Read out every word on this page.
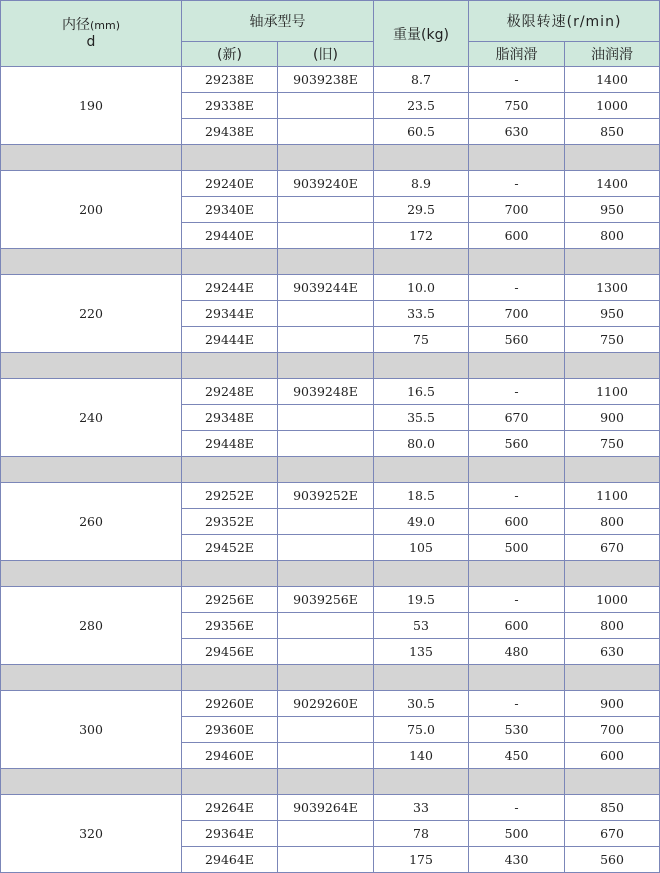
内径(mm)
d	轴承型号		重量(kg)	极限转速(r/min)	
	(新)	(旧)		脂润滑	油润滑
190	29238E	9039238E	8.7	-	1400
	29338E		23.5	750	1000
	29438E		60.5	630	850

200	29240E	9039240E	8.9	-	1400
	29340E		29.5	700	950
	29440E		172	600	800

220	29244E	9039244E	10.0	-	1300
	29344E		33.5	700	950
	29444E		75	560	750

240	29248E	9039248E	16.5	-	1100
	29348E		35.5	670	900
	29448E		80.0	560	750

260	29252E	9039252E	18.5	-	1100
	29352E		49.0	600	800
	29452E		105	500	670

280	29256E	9039256E	19.5	-	1000
	29356E		53	600	800
	29456E		135	480	630

300	29260E	9029260E	30.5	-	900
	29360E		75.0	530	700
	29460E		140	450	600

320	29264E	9039264E	33	-	850
	29364E		78	500	670
	29464E		175	430	560
